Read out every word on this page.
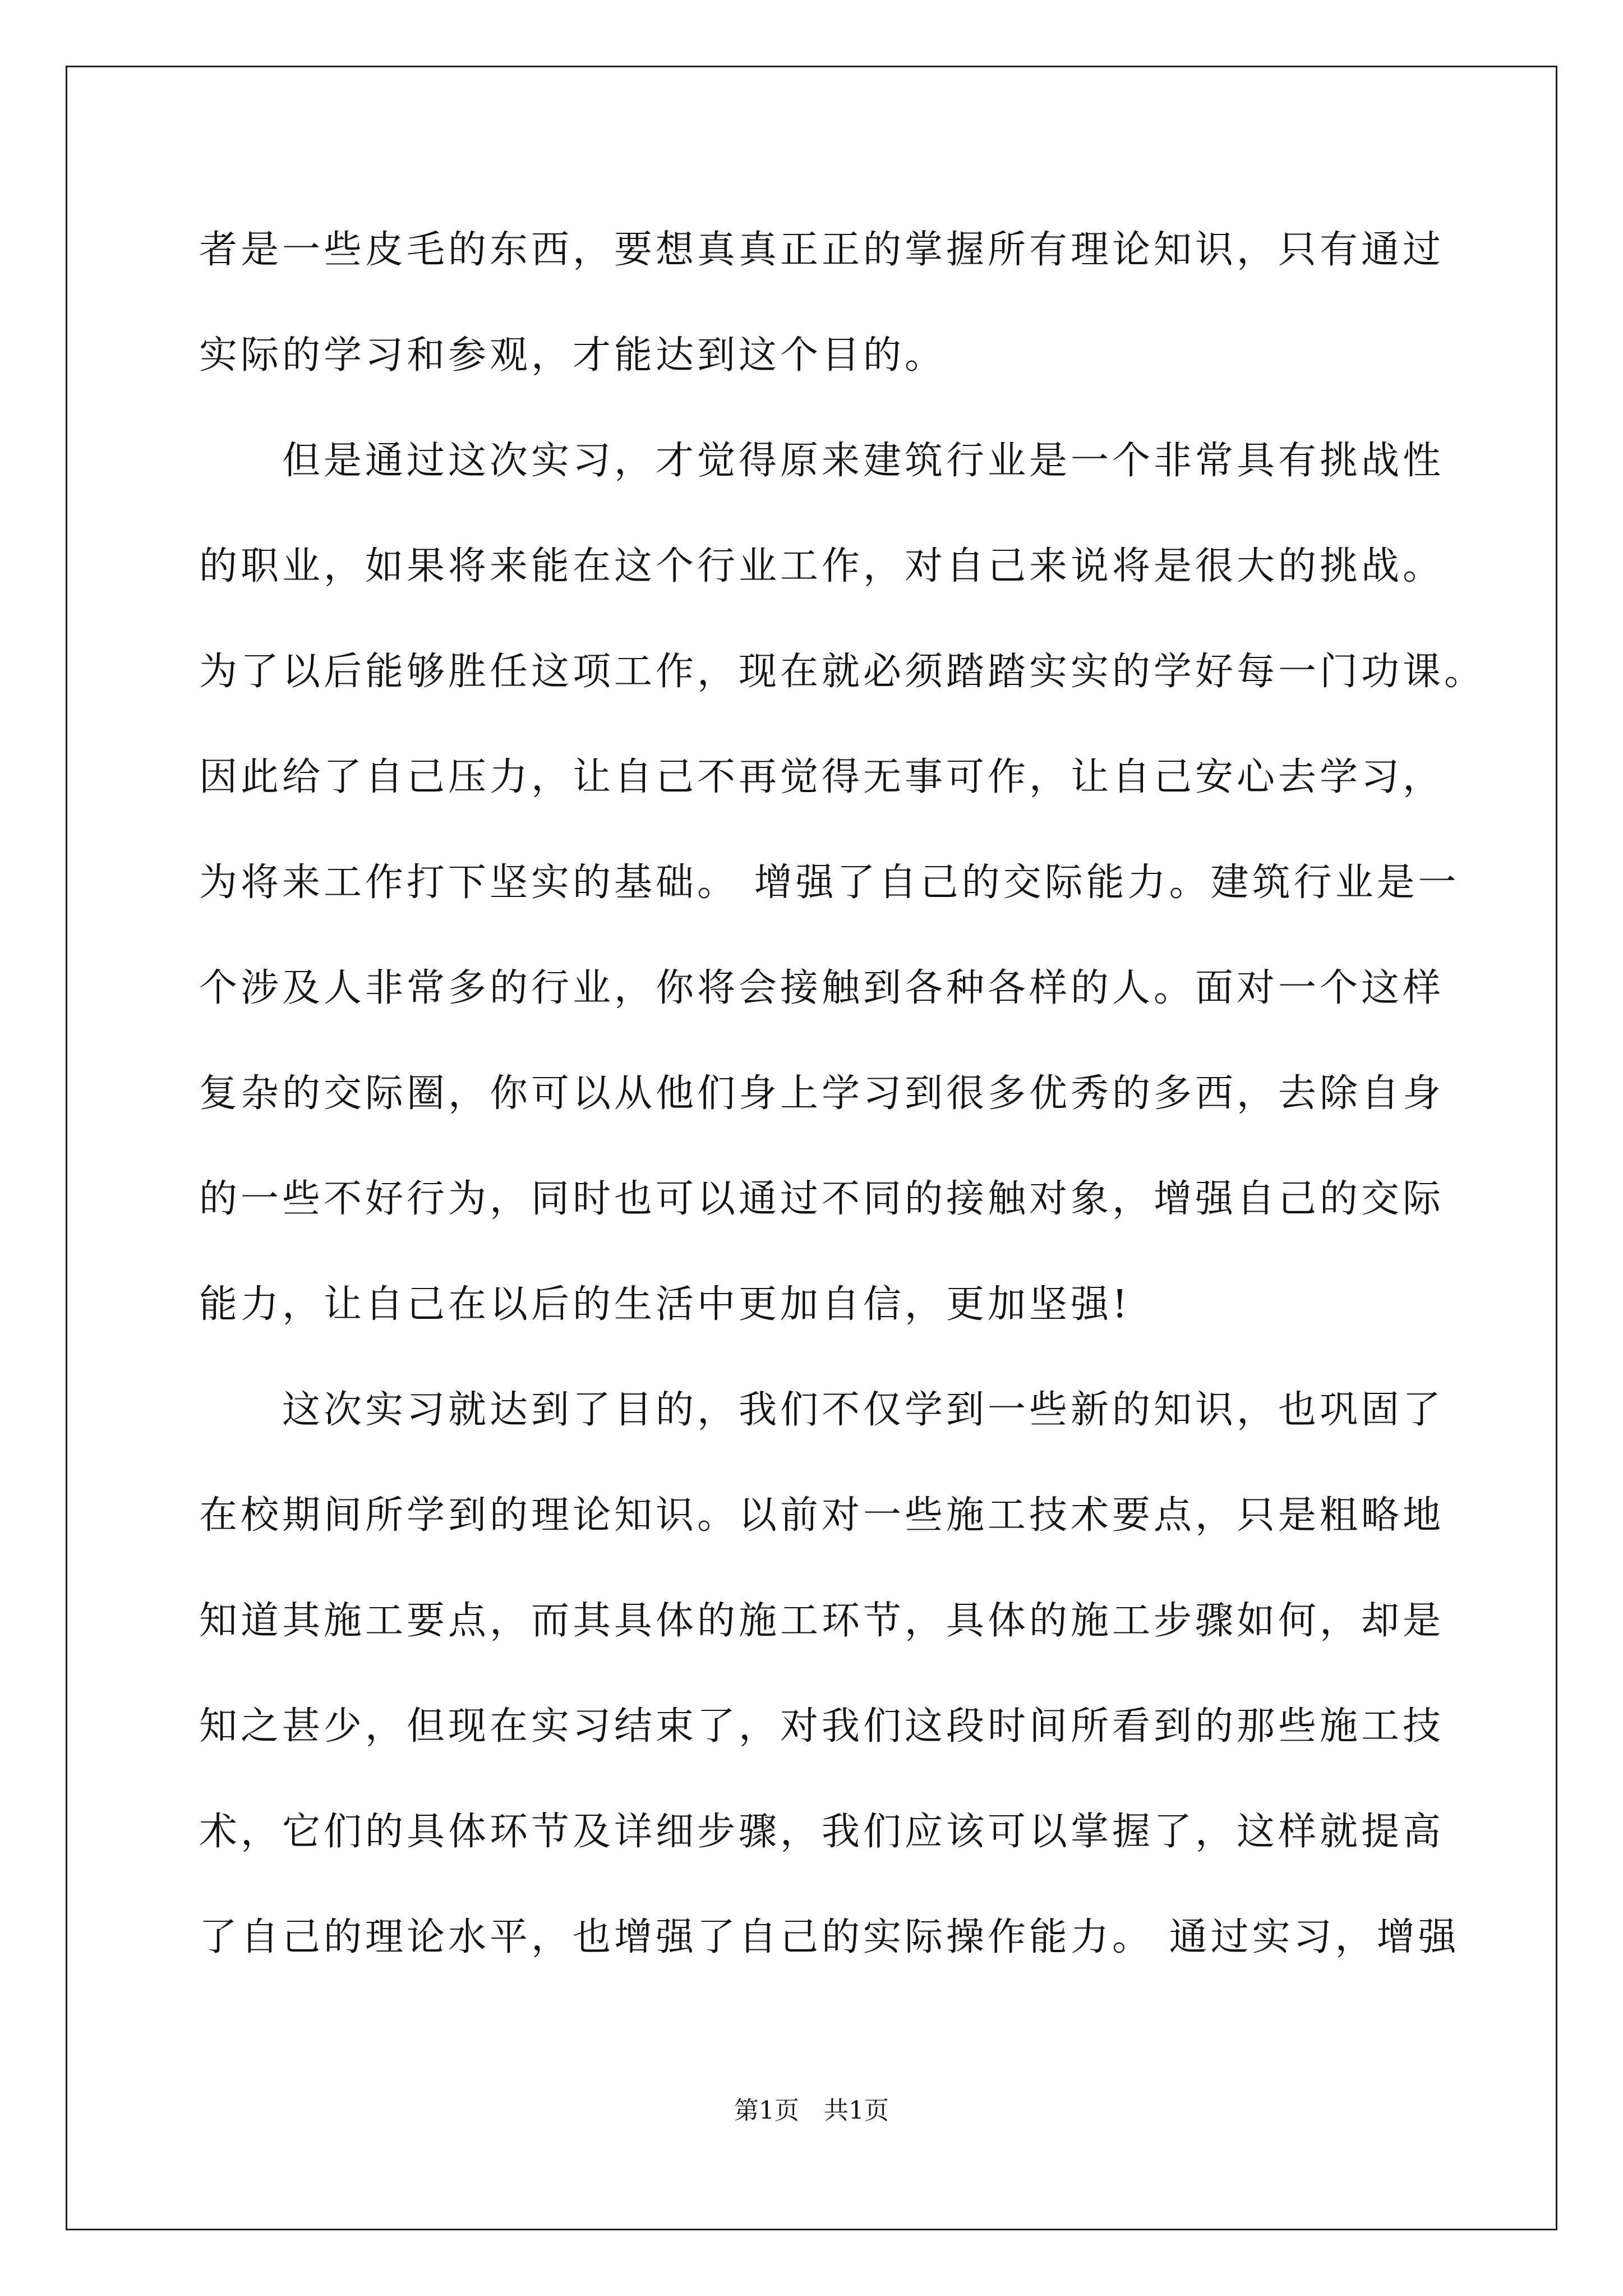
者是一些皮毛的东西，要想真真正正的掌握所有理论知识，只有通过
实际的学习和参观，才能达到这个目的。
　　但是通过这次实习，才觉得原来建筑行业是一个非常具有挑战性
的职业，如果将来能在这个行业工作，对自己来说将是很大的挑战。
为了以后能够胜任这项工作，现在就必须踏踏实实的学好每一门功课。
因此给了自己压力，让自己不再觉得无事可作，让自己安心去学习，
为将来工作打下坚实的基础。 增强了自己的交际能力。建筑行业是一
个涉及人非常多的行业，你将会接触到各种各样的人。面对一个这样
复杂的交际圈，你可以从他们身上学习到很多优秀的多西，去除自身
的一些不好行为，同时也可以通过不同的接触对象，增强自己的交际
能力，让自己在以后的生活中更加自信，更加坚强!
　　这次实习就达到了目的，我们不仅学到一些新的知识，也巩固了
在校期间所学到的理论知识。以前对一些施工技术要点，只是粗略地
知道其施工要点，而其具体的施工环节，具体的施工步骤如何，却是
知之甚少，但现在实习结束了，对我们这段时间所看到的那些施工技
术，它们的具体环节及详细步骤，我们应该可以掌握了，这样就提高
了自己的理论水平，也增强了自己的实际操作能力。 通过实习，增强
第1页　共1页
